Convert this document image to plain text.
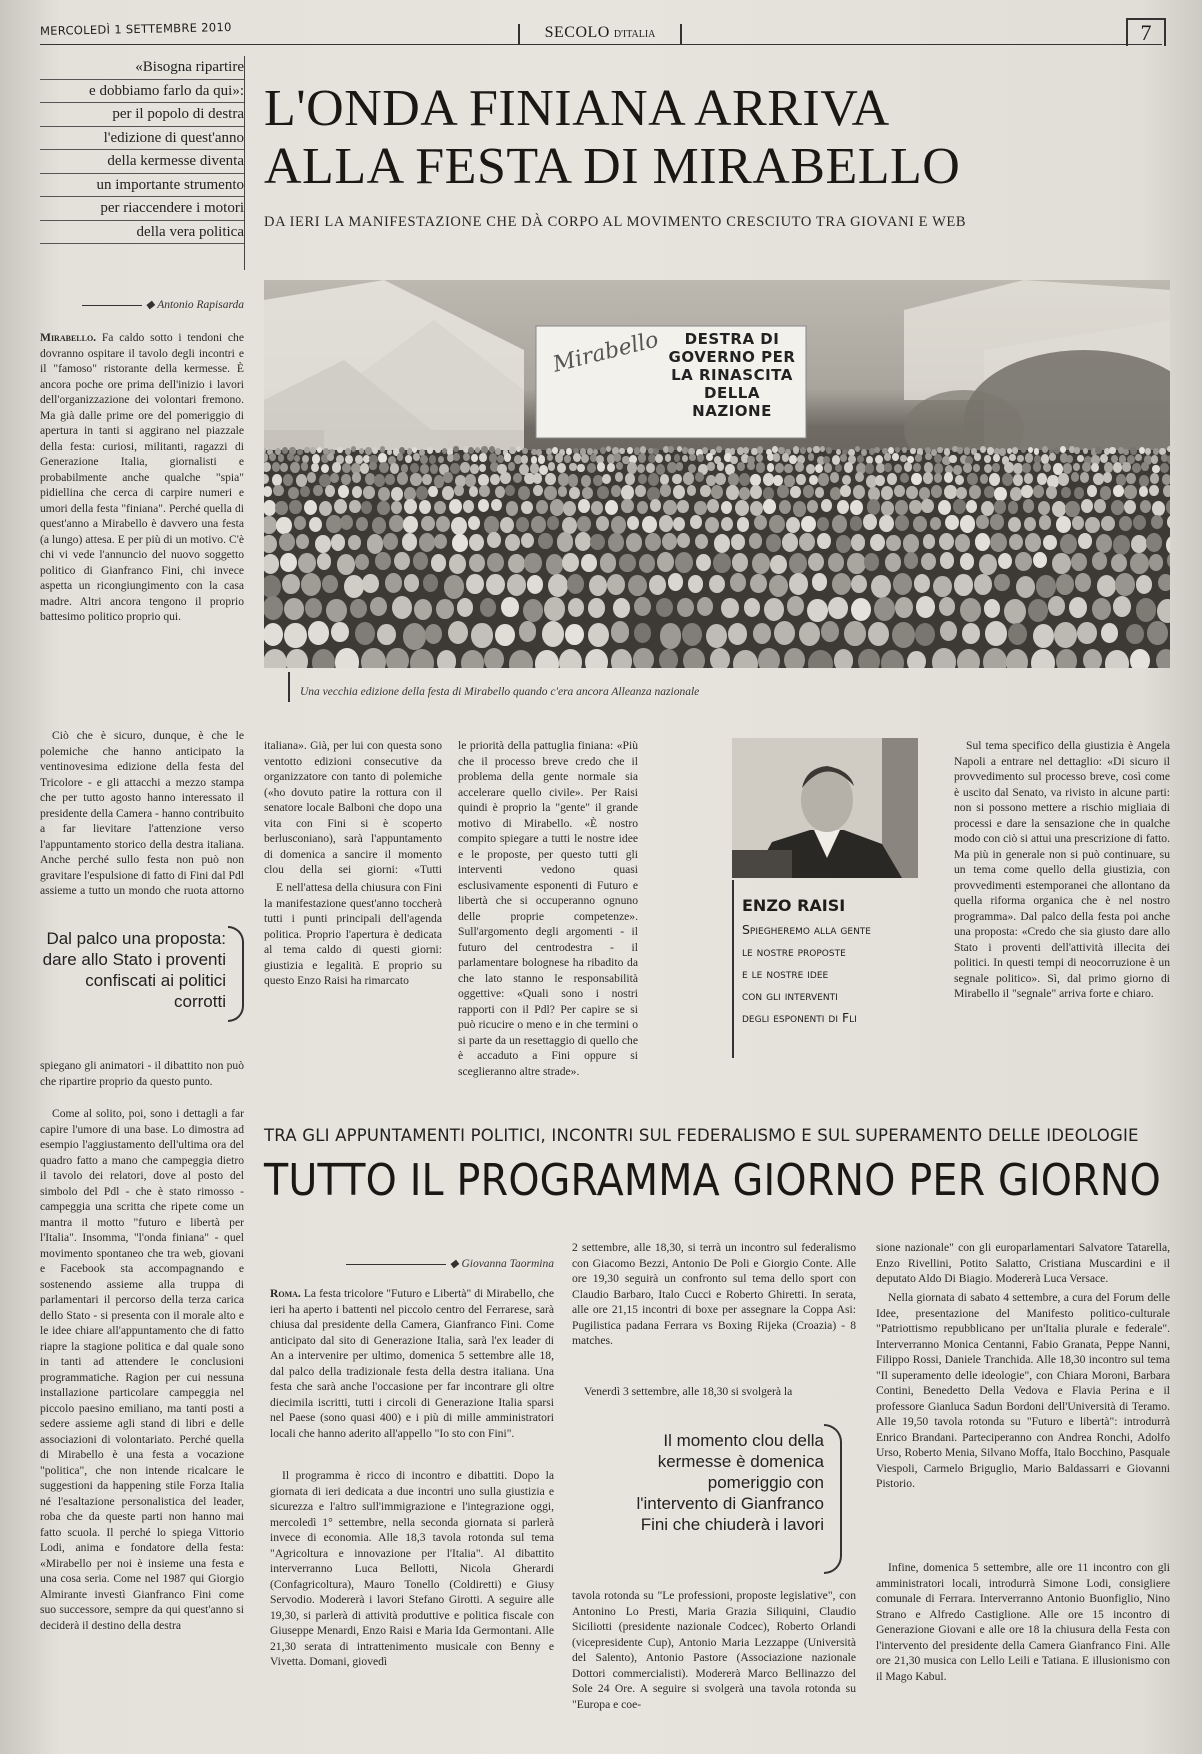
MERCOLEDÌ 1 SETTEMBRE 2010	SECOLO D'ITALIA	7
«Bisogna ripartire
e dobbiamo farlo da qui»:
per il popolo di destra
l'edizione di quest'anno
della kermesse diventa
un importante strumento
per riaccendere i motori
della vera politica
L'ONDA FINIANA ARRIVA
ALLA FESTA DI MIRABELLO
DA IERI LA MANIFESTAZIONE CHE DÀ CORPO AL MOVIMENTO CRESCIUTO TRA GIOVANI E WEB
◆ Antonio Rapisarda
Mirabello. Fa caldo sotto i tendoni che dovranno ospitare il tavolo degli incontri e il "famoso" ristorante della kermesse. È ancora poche ore prima dell'inizio i lavori dell'organizzazione dei volontari fremono. Ma già dalle prime ore del pomeriggio di apertura in tanti si aggirano nel piazzale della festa: curiosi, militanti, ragazzi di Generazione Italia, giornalisti e probabilmente anche qualche "spia" pidiellina che cerca di carpire numeri e umori della festa "finiana". Perché quella di quest'anno a Mirabello è davvero una festa (a lungo) attesa. E per più di un motivo. C'è chi vi vede l'annuncio del nuovo soggetto politico di Gianfranco Fini, chi invece aspetta un ricongiungimento con la casa madre. Altri ancora tengono il proprio battesimo politico proprio qui.
Ciò che è sicuro, dunque, è che le polemiche che hanno anticipato la ventinovesima edizione della festa del Tricolore - e gli attacchi a mezzo stampa che per tutto agosto hanno interessato il presidente della Camera - hanno contribuito a far lievitare l'attenzione verso l'appuntamento storico della destra italiana. Anche perché sullo festa non può non gravitare l'espulsione di fatto di Fini dal Pdl assieme a tutto un mondo che ruota attorno
Dal palco una proposta: dare allo Stato i proventi confiscati ai politici corrotti
spiegano gli animatori - il dibattito non può che ripartire proprio da questo punto.
Come al solito, poi, sono i dettagli a far capire l'umore di una base. Lo dimostra ad esempio l'aggiustamento dell'ultima ora del quadro fatto a mano che campeggia dietro il tavolo dei relatori, dove al posto del simbolo del Pdl - che è stato rimosso - campeggia una scritta che ripete come un mantra il motto "futuro e libertà per l'Italia". Insomma, "l'onda finiana" - quel movimento spontaneo che tra web, giovani e Facebook sta accompagnando e sostenendo assieme alla truppa di parlamentari il percorso della terza carica dello Stato - si presenta con il morale alto e le idee chiare all'appuntamento che di fatto riapre la stagione politica e dal quale sono in tanti ad attendere le conclusioni programmatiche. Ragion per cui nessuna installazione particolare campeggia nel piccolo paesino emiliano, ma tanti posti a sedere assieme agli stand di libri e delle associazioni di volontariato. Perché quella di Mirabello è una festa a vocazione "politica", che non intende ricalcare le suggestioni da happening stile Forza Italia né l'esaltazione personalistica del leader, roba che da queste parti non hanno mai fatto scuola. Il perché lo spiega Vittorio Lodi, anima e fondatore della festa: «Mirabello per noi è insieme una festa e una cosa seria. Come nel 1987 qui Giorgio Almirante investì Gianfranco Fini come suo successore, sempre da qui quest'anno si deciderà il destino della destra
Mirabello	DESTRA DI
GOVERNO PER
LA RINASCITA
DELLA NAZIONE
Una vecchia edizione della festa di Mirabello quando c'era ancora Alleanza nazionale
italiana». Già, per lui con questa sono ventotto edizioni consecutive da organizzatore con tanto di polemiche («ho dovuto patire la rottura con il senatore locale Balboni che dopo una vita con Fini si è scoperto berlusconiano), sarà l'appuntamento di domenica a sancire il momento clou della sei giorni: «Tutti
E nell'attesa della chiusura con Fini la manifestazione quest'anno toccherà tutti i punti principali dell'agenda politica. Proprio l'apertura è dedicata al tema caldo di questi giorni: giustizia e legalità. E proprio su questo Enzo Raisi ha rimarcato
le priorità della pattuglia finiana: «Più che il processo breve credo che il problema della gente normale sia accelerare quello civile». Per Raisi quindi è proprio la "gente" il grande motivo di Mirabello. «È nostro compito spiegare a tutti le nostre idee e le proposte, per questo tutti gli interventi vedono quasi esclusivamente esponenti di Futuro e libertà che si occuperanno ognuno delle proprie competenze». Sull'argomento degli argomenti - il futuro del centrodestra - il parlamentare bolognese ha ribadito da che lato stanno le responsabilità oggettive: «Quali sono i nostri rapporti con il Pdl? Per capire se si può ricucire o meno e in che termini o si parte da un resettaggio di quello che è accaduto a Fini oppure si sceglieranno altre strade».
ENZO RAISI
Spiegheremo alla gente
le nostre proposte
e le nostre idee
con gli interventi
degli esponenti di Fli
Sul tema specifico della giustizia è Angela Napoli a entrare nel dettaglio: «Di sicuro il provvedimento sul processo breve, così come è uscito dal Senato, va rivisto in alcune parti: non si possono mettere a rischio migliaia di processi e dare la sensazione che in qualche modo con ciò si attui una prescrizione di fatto. Ma più in generale non si può continuare, su un tema come quello della giustizia, con provvedimenti estemporanei che allontano da quella riforma organica che è nel nostro programma». Dal palco della festa poi anche una proposta: «Credo che sia giusto dare allo Stato i proventi dell'attività illecita dei politici. In questi tempi di neocorruzione è un segnale politico». Sì, dal primo giorno di Mirabello il "segnale" arriva forte e chiaro.
TRA GLI APPUNTAMENTI POLITICI, INCONTRI SUL FEDERALISMO E SUL SUPERAMENTO DELLE IDEOLOGIE
TUTTO IL PROGRAMMA GIORNO PER GIORNO
◆ Giovanna Taormina
Roma. La festa tricolore "Futuro e Libertà" di Mirabello, che ieri ha aperto i battenti nel piccolo centro del Ferrarese, sarà chiusa dal presidente della Camera, Gianfranco Fini. Come anticipato dal sito di Generazione Italia, sarà l'ex leader di An a intervenire per ultimo, domenica 5 settembre alle 18, dal palco della tradizionale festa della destra italiana. Una festa che sarà anche l'occasione per far incontrare gli oltre diecimila iscritti, tutti i circoli di Generazione Italia sparsi nel Paese (sono quasi 400) e i più di mille amministratori locali che hanno aderito all'appello "Io sto con Fini".
Il programma è ricco di incontro e dibattiti. Dopo la giornata di ieri dedicata a due incontri uno sulla giustizia e sicurezza e l'altro sull'immigrazione e l'integrazione oggi, mercoledì 1° settembre, nella seconda giornata si parlerà invece di economia. Alle 18,3 tavola rotonda sul tema "Agricoltura e innovazione per l'Italia". Al dibattito interverranno Luca Bellotti, Nicola Gherardi (Confagricoltura), Mauro Tonello (Coldiretti) e Giusy Servodio. Modererà i lavori Stefano Girotti. A seguire alle 19,30, si parlerà di attività produttive e politica fiscale con Giuseppe Menardi, Enzo Raisi e Maria Ida Germontani. Alle 21,30 serata di intrattenimento musicale con Benny e Vivetta. Domani, giovedì
2 settembre, alle 18,30, si terrà un incontro sul federalismo con Giacomo Bezzi, Antonio De Poli e Giorgio Conte. Alle ore 19,30 seguirà un confronto sul tema dello sport con Claudio Barbaro, Italo Cucci e Roberto Ghiretti. In serata, alle ore 21,15 incontri di boxe per assegnare la Coppa Asi: Pugilistica padana Ferrara vs Boxing Rijeka (Croazia) - 8 matches.
Venerdì 3 settembre, alle 18,30 si svolgerà la
Il momento clou della kermesse è domenica pomeriggio con l'intervento di Gianfranco Fini che chiuderà i lavori
tavola rotonda su "Le professioni, proposte legislative", con Antonino Lo Presti, Maria Grazia Siliquini, Claudio Siciliotti (presidente nazionale Codcec), Roberto Orlandi (vicepresidente Cup), Antonio Maria Lezzappe (Università del Salento), Antonio Pastore (Associazione nazionale Dottori commercialisti). Modererà Marco Bellinazzo del Sole 24 Ore. A seguire si svolgerà una tavola rotonda su "Europa e coe-
sione nazionale" con gli europarlamentari Salvatore Tatarella, Enzo Rivellini, Potito Salatto, Cristiana Muscardini e il deputato Aldo Di Biagio. Modererà Luca Versace.
Nella giornata di sabato 4 settembre, a cura del Forum delle Idee, presentazione del Manifesto politico-culturale "Patriottismo repubblicano per un'Italia plurale e federale". Interverranno Monica Centanni, Fabio Granata, Peppe Nanni, Filippo Rossi, Daniele Tranchida. Alle 18,30 incontro sul tema "Il superamento delle ideologie", con Chiara Moroni, Barbara Contini, Benedetto Della Vedova e Flavia Perina e il professore Gianluca Sadun Bordoni dell'Università di Teramo. Alle 19,50 tavola rotonda su "Futuro e libertà": introdurrà Enrico Brandani. Parteciperanno con Andrea Ronchi, Adolfo Urso, Roberto Menia, Silvano Moffa, Italo Bocchino, Pasquale Viespoli, Carmelo Briguglio, Mario Baldassarri e Giovanni Pistorio.
Infine, domenica 5 settembre, alle ore 11 incontro con gli amministratori locali, introdurrà Simone Lodi, consigliere comunale di Ferrara. Interverranno Antonio Buonfiglio, Nino Strano e Alfredo Castiglione. Alle ore 15 incontro di Generazione Giovani e alle ore 18 la chiusura della Festa con l'intervento del presidente della Camera Gianfranco Fini. Alle ore 21,30 musica con Lello Leili e Tatiana. E illusionismo con il Mago Kabul.
